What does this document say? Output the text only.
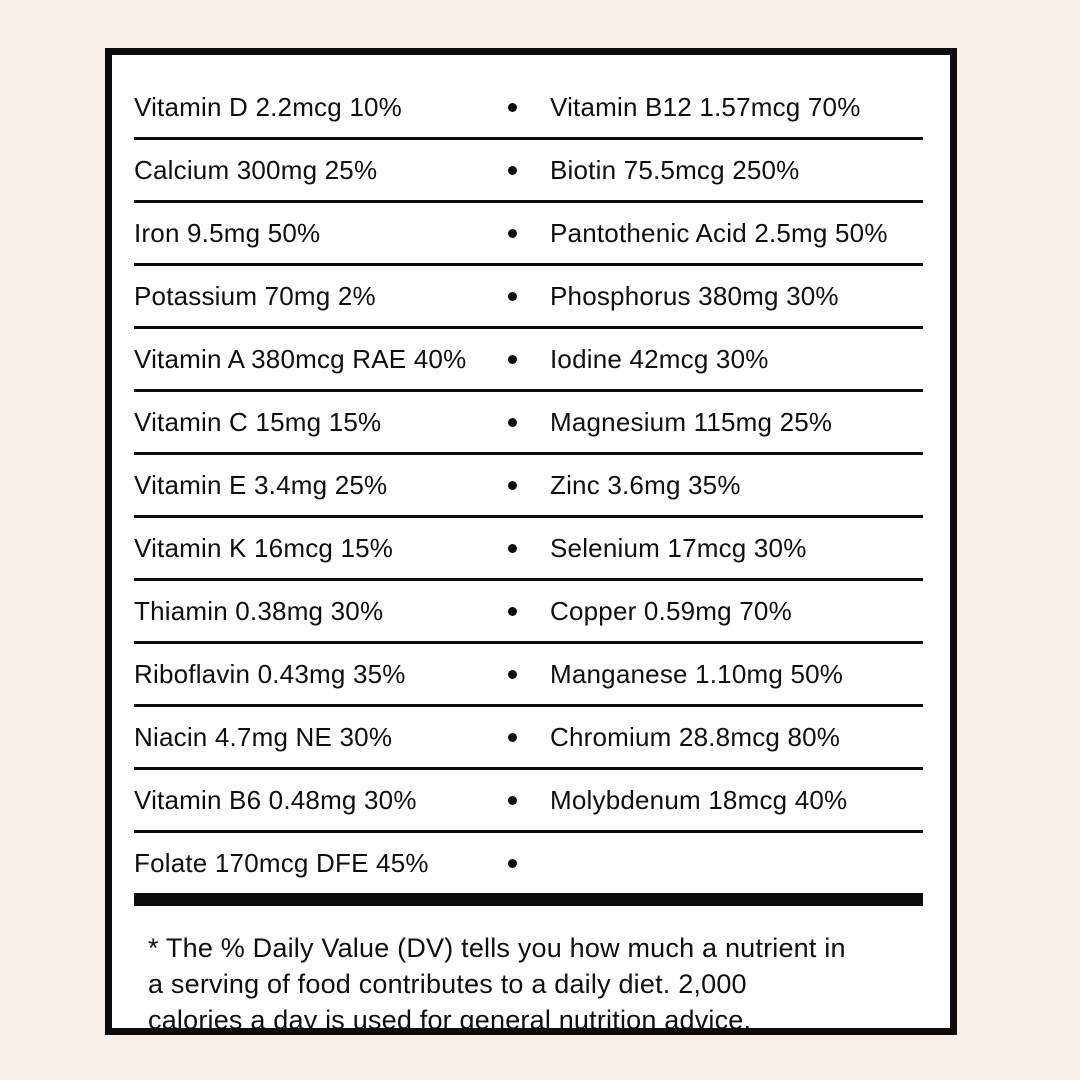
Vitamin D 2.2mcg 10%	Vitamin B12 1.57mcg 70%
Calcium 300mg 25%	Biotin 75.5mcg 250%
Iron 9.5mg 50%	Pantothenic Acid 2.5mg 50%
Potassium 70mg 2%	Phosphorus 380mg 30%
Vitamin A 380mcg RAE 40%	Iodine 42mcg 30%
Vitamin C 15mg 15%	Magnesium 115mg 25%
Vitamin E 3.4mg 25%	Zinc 3.6mg 35%
Vitamin K 16mcg 15%	Selenium 17mcg 30%
Thiamin 0.38mg 30%	Copper 0.59mg 70%
Riboflavin 0.43mg 35%	Manganese 1.10mg 50%
Niacin 4.7mg NE 30%	Chromium 28.8mcg 80%
Vitamin B6 0.48mg 30%	Molybdenum 18mcg 40%
Folate 170mcg DFE 45%
* The % Daily Value (DV) tells you how much a nutrient in
a serving of food contributes to a daily diet. 2,000
calories a day is used for general nutrition advice.
